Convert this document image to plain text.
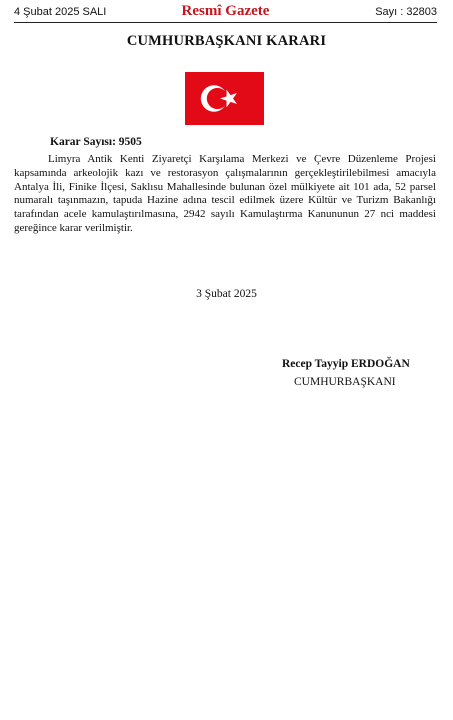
4 Şubat 2025 SALI	Resmî Gazete	Sayı : 32803
CUMHURBAŞKANI KARARI
Karar Sayısı: 9505
Limyra Antik Kenti Ziyaretçi Karşılama Merkezi ve Çevre Düzenleme Projesi kapsamında arkeolojik kazı ve restorasyon çalışmalarının gerçekleştirilebilmesi amacıyla Antalya İli, Finike İlçesi, Saklısu Mahallesinde bulunan özel mülkiyete ait 101 ada, 52 parsel numaralı taşınmazın, tapuda Hazine adına tescil edilmek üzere Kültür ve Turizm Bakanlığı tarafından acele kamulaştırılmasına, 2942 sayılı Kamulaştırma Kanununun 27 nci maddesi gereğince karar verilmiştir.
3 Şubat 2025
Recep Tayyip ERDOĞAN
CUMHURBAŞKANI
